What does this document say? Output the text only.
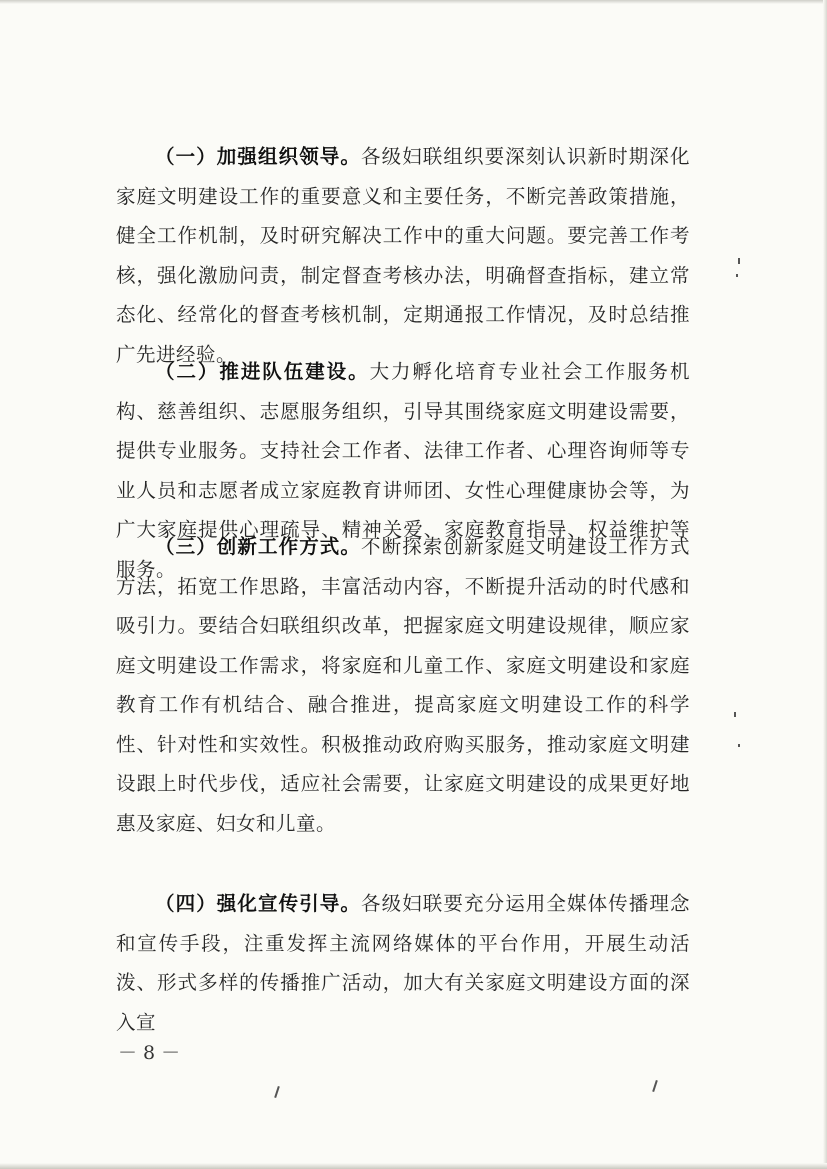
（一）加强组织领导。各级妇联组织要深刻认识新时期深化家庭文明建设工作的重要意义和主要任务，不断完善政策措施，健全工作机制，及时研究解决工作中的重大问题。要完善工作考核，强化激励问责，制定督查考核办法，明确督查指标，建立常态化、经常化的督查考核机制，定期通报工作情况，及时总结推广先进经验。

（二）推进队伍建设。大力孵化培育专业社会工作服务机构、慈善组织、志愿服务组织，引导其围绕家庭文明建设需要，提供专业服务。支持社会工作者、法律工作者、心理咨询师等专业人员和志愿者成立家庭教育讲师团、女性心理健康协会等，为广大家庭提供心理疏导、精神关爱、家庭教育指导、权益维护等服务。

（三）创新工作方式。不断探索创新家庭文明建设工作方式方法，拓宽工作思路，丰富活动内容，不断提升活动的时代感和吸引力。要结合妇联组织改革，把握家庭文明建设规律，顺应家庭文明建设工作需求，将家庭和儿童工作、家庭文明建设和家庭教育工作有机结合、融合推进，提高家庭文明建设工作的科学性、针对性和实效性。积极推动政府购买服务，推动家庭文明建设跟上时代步伐，适应社会需要，让家庭文明建设的成果更好地惠及家庭、妇女和儿童。

（四）强化宣传引导。各级妇联要充分运用全媒体传播理念和宣传手段，注重发挥主流网络媒体的平台作用，开展生动活泼、形式多样的传播推广活动，加大有关家庭文明建设方面的深入宣

－ 8 －
